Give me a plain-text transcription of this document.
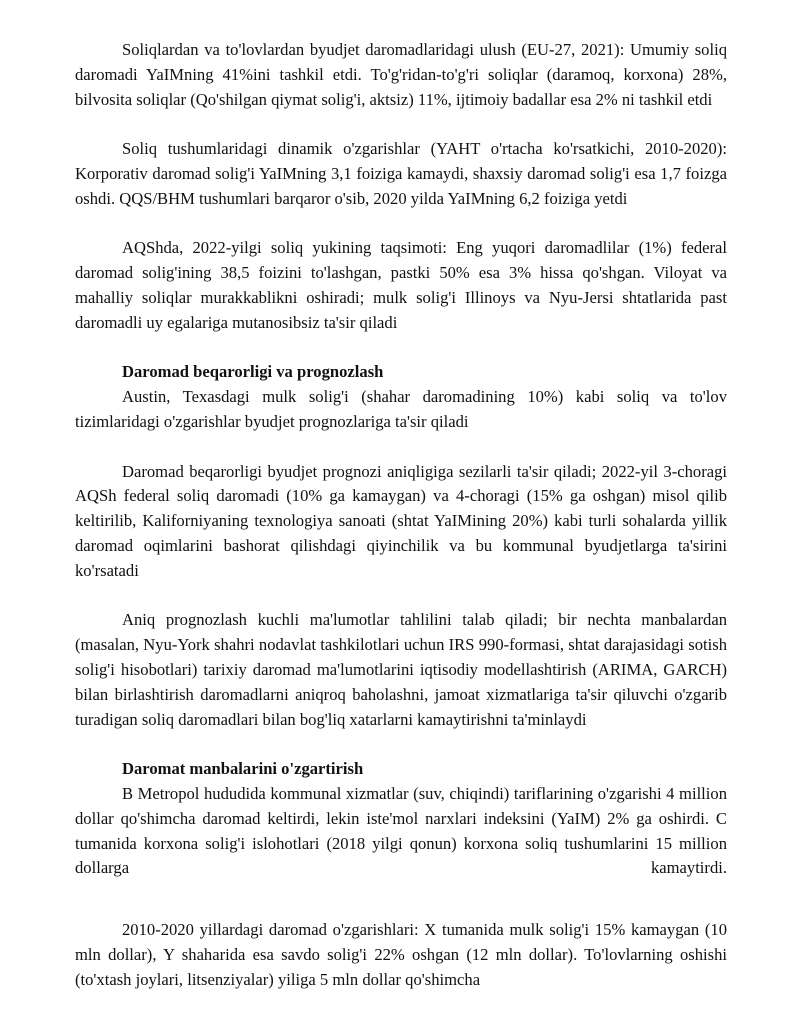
Soliqlardan va to'lovlardan byudjet daromadlaridagi ulush (EU-27, 2021): Umumiy soliq daromadi YaIMning 41%ini tashkil etdi. To'g'ridan-to'g'ri soliqlar (daramoq, korxona) 28%, bilvosita soliqlar (Qo'shilgan qiymat solig'i, aktsiz) 11%, ijtimoiy badallar esa 2% ni tashkil etdi

Soliq tushumlaridagi dinamik o'zgarishlar (YAHT o'rtacha ko'rsatkichi, 2010-2020): Korporativ daromad solig'i YaIMning 3,1 foiziga kamaydi, shaxsiy daromad solig'i esa 1,7 foizga oshdi. QQS/BHM tushumlari barqaror o'sib, 2020 yilda YaIMning 6,2 foiziga yetdi

AQShda, 2022-yilgi soliq yukining taqsimoti: Eng yuqori daromadlilar (1%) federal daromad solig'ining 38,5 foizini to'lashgan, pastki 50% esa 3% hissa qo'shgan. Viloyat va mahalliy soliqlar murakkablikni oshiradi; mulk solig'i Illinoys va Nyu-Jersi shtatlarida past daromadli uy egalariga mutanosibsiz ta'sir qiladi

Daromad beqarorligi va prognozlash

Austin, Texasdagi mulk solig'i (shahar daromadining 10%) kabi soliq va to'lov tizimlaridagi o'zgarishlar byudjet prognozlariga ta'sir qiladi

Daromad beqarorligi byudjet prognozi aniqligiga sezilarli ta'sir qiladi; 2022-yil 3-choragi AQSh federal soliq daromadi (10% ga kamaygan) va 4-choragi (15% ga oshgan) misol qilib keltirilib, Kaliforniyaning texnologiya sanoati (shtat YaIMining 20%) kabi turli sohalarda yillik daromad oqimlarini bashorat qilishdagi qiyinchilik va bu kommunal byudjetlarga ta'sirini ko'rsatadi

Aniq prognozlash kuchli ma'lumotlar tahlilini talab qiladi; bir nechta manbalardan (masalan, Nyu-York shahri nodavlat tashkilotlari uchun IRS 990-formasi, shtat darajasidagi sotish solig'i hisobotlari) tarixiy daromad ma'lumotlarini iqtisodiy modellashtirish (ARIMA, GARCH) bilan birlashtirish daromadlarni aniqroq baholashni, jamoat xizmatlariga ta'sir qiluvchi o'zgarib turadigan soliq daromadlari bilan bog'liq xatarlarni kamaytirishni ta'minlaydi

Daromat manbalarini o'zgartirish

B Metropol hududida kommunal xizmatlar (suv, chiqindi) tariflarining o'zgarishi 4 million dollar qo'shimcha daromad keltirdi, lekin iste'mol narxlari indeksini (YaIM) 2% ga oshirdi. C tumanida korxona solig'i islohotlari (2018 yilgi qonun) korxona soliq tushumlarini 15 million dollarga kamaytirdi.

2010-2020 yillardagi daromad o'zgarishlari: X tumanida mulk solig'i 15% kamaygan (10 mln dollar), Y shaharida esa savdo solig'i 22% oshgan (12 mln dollar). To'lovlarning oshishi (to'xtash joylari, litsenziyalar) yiliga 5 mln dollar qo'shimcha
